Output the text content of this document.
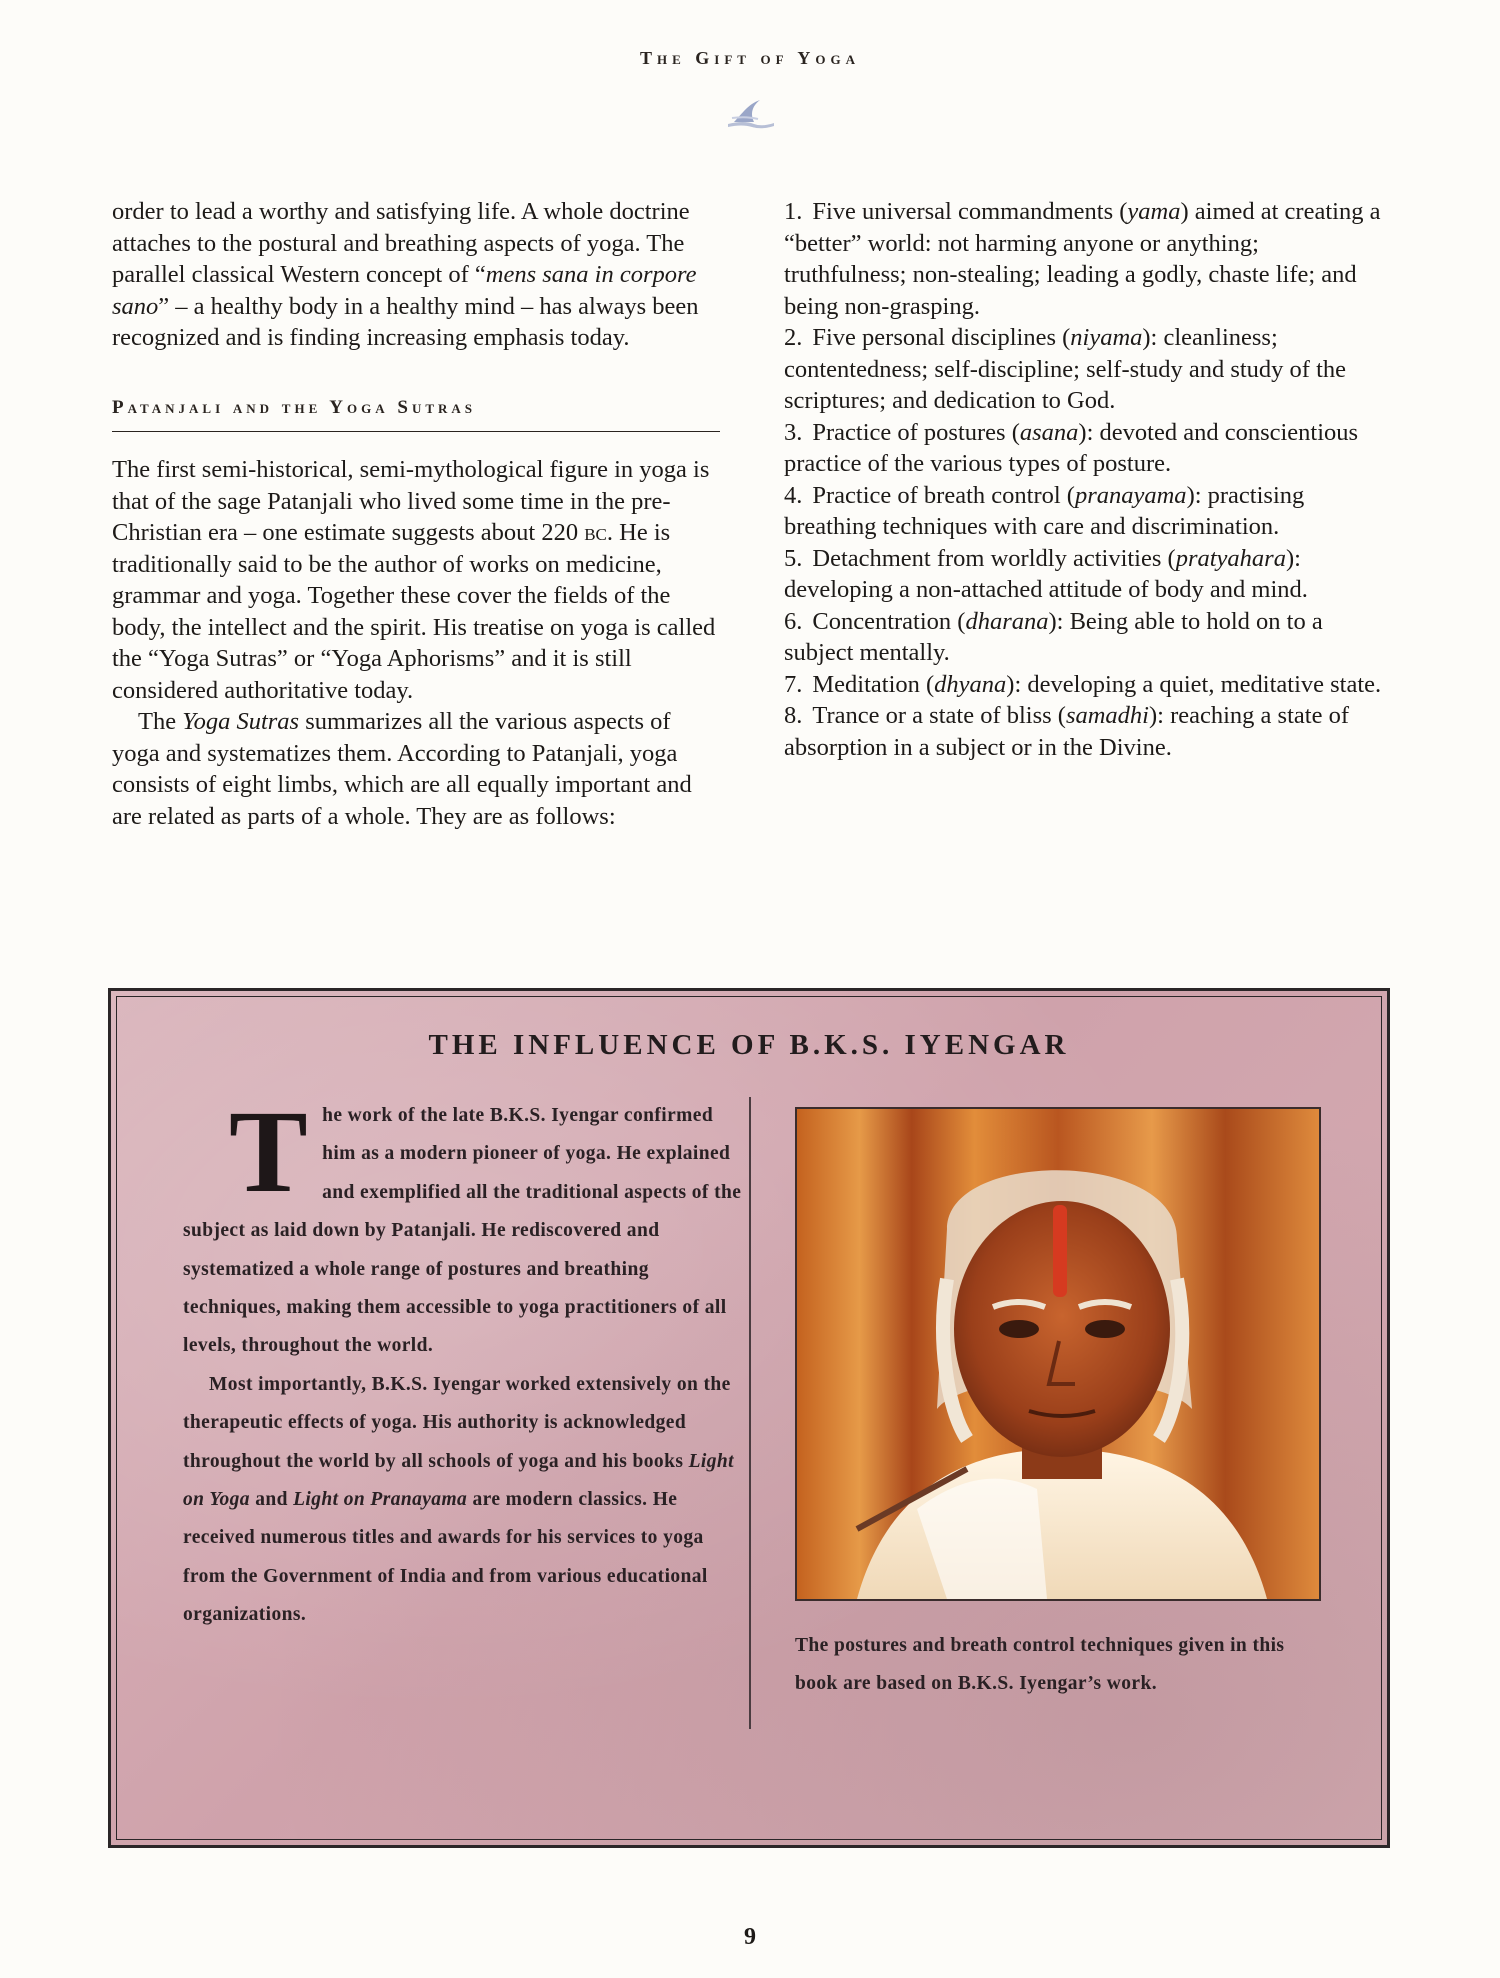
The Gift of Yoga

order to lead a worthy and satisfying life. A whole doctrine attaches to the postural and breathing aspects of yoga. The parallel classical Western concept of “mens sana in corpore sano” – a healthy body in a healthy mind – has always been recognized and is finding increasing emphasis today.

Patanjali and the Yoga Sutras

The first semi-historical, semi-mythological figure in yoga is that of the sage Patanjali who lived some time in the pre-Christian era – one estimate suggests about 220 bc. He is traditionally said to be the author of works on medicine, grammar and yoga. Together these cover the fields of the body, the intellect and the spirit. His treatise on yoga is called the “Yoga Sutras” or “Yoga Aphorisms” and it is still considered authoritative today.

The Yoga Sutras summarizes all the various aspects of yoga and systematizes them. According to Patanjali, yoga consists of eight limbs, which are all equally important and are related as parts of a whole. They are as follows:

1. Five universal commandments (yama) aimed at creating a “better” world: not harming anyone or anything; truthfulness; non-stealing; leading a godly, chaste life; and being non-grasping.

2. Five personal disciplines (niyama): cleanliness; contentedness; self-discipline; self-study and study of the scriptures; and dedication to God.

3. Practice of postures (asana): devoted and conscientious practice of the various types of posture.

4. Practice of breath control (pranayama): practising breathing techniques with care and discrimination.

5. Detachment from worldly activities (pratyahara): developing a non-attached attitude of body and mind.

6. Concentration (dharana): Being able to hold on to a subject mentally.

7. Meditation (dhyana): developing a quiet, meditative state.

8. Trance or a state of bliss (samadhi): reaching a state of absorption in a subject or in the Divine.

THE INFLUENCE OF B.K.S. IYENGAR

The work of the late B.K.S. Iyengar confirmed him as a modern pioneer of yoga. He explained and exemplified all the traditional aspects of the subject as laid down by Patanjali. He rediscovered and systematized a whole range of postures and breathing techniques, making them accessible to yoga practitioners of all levels, throughout the world.

Most importantly, B.K.S. Iyengar worked extensively on the therapeutic effects of yoga. His authority is acknowledged throughout the world by all schools of yoga and his books Light on Yoga and Light on Pranayama are modern classics. He received numerous titles and awards for his services to yoga from the Government of India and from various educational organizations.

The postures and breath control techniques given in this book are based on B.K.S. Iyengar’s work.
9
